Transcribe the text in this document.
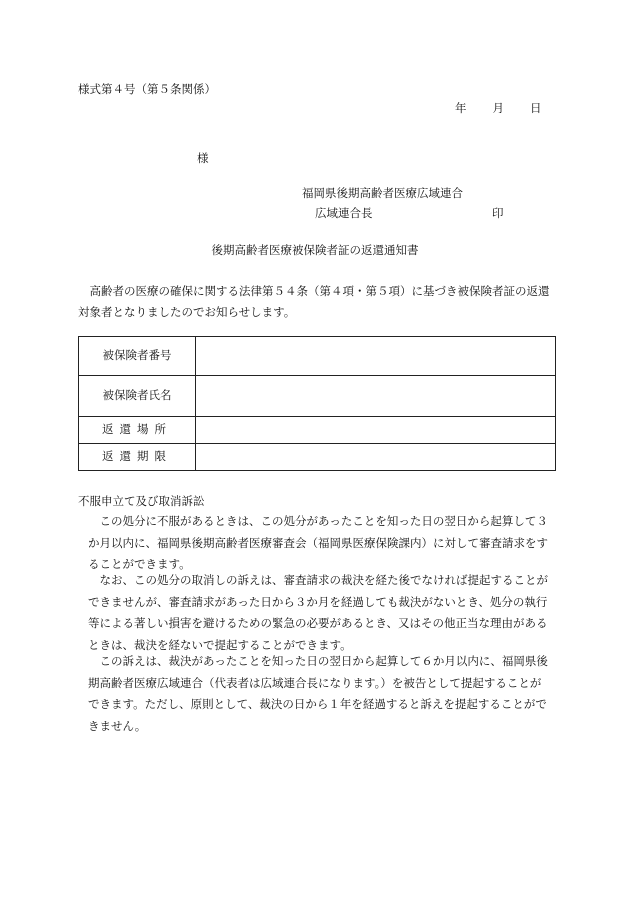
様式第４号（第５条関係）
年 月 日
様
福岡県後期高齢者医療広域連合
広域連合長	印
後期高齢者医療被保険者証の返還通知書
高齢者の医療の確保に関する法律第５４条（第４項・第５項）に基づき被保険者証の返還対象者となりましたのでお知らせします。
被保険者番号	
被保険者氏名	
返還場所	
返還期限	
不服申立て及び取消訴訟
この処分に不服があるときは、この処分があったことを知った日の翌日から起算して３か月以内に、福岡県後期高齢者医療審査会（福岡県医療保険課内）に対して審査請求をすることができます。
なお、この処分の取消しの訴えは、審査請求の裁決を経た後でなければ提起することができませんが、審査請求があった日から３か月を経過しても裁決がないとき、処分の執行等による著しい損害を避けるための緊急の必要があるとき、又はその他正当な理由があるときは、裁決を経ないで提起することができます。
この訴えは、裁決があったことを知った日の翌日から起算して６か月以内に、福岡県後期高齢者医療広域連合（代表者は広域連合長になります。）を被告として提起することができます。ただし、原則として、裁決の日から１年を経過すると訴えを提起することができません。
